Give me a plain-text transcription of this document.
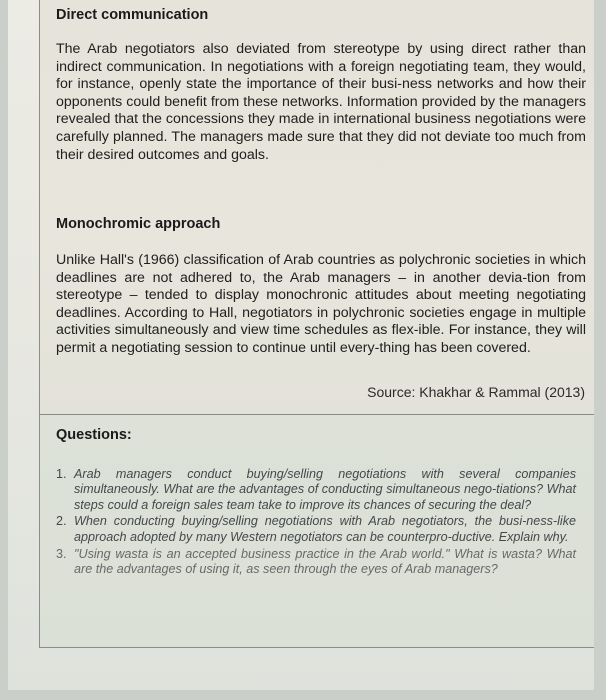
Direct communication

The Arab negotiators also deviated from stereotype by using direct rather than indirect communication. In negotiations with a foreign negotiating team, they would, for instance, openly state the importance of their busi-ness networks and how their opponents could benefit from these networks. Information provided by the managers revealed that the concessions they made in international business negotiations were carefully planned. The managers made sure that they did not deviate too much from their desired outcomes and goals.

Monochromic approach

Unlike Hall's (1966) classification of Arab countries as polychronic societies in which deadlines are not adhered to, the Arab managers – in another devia-tion from stereotype – tended to display monochronic attitudes about meeting negotiating deadlines. According to Hall, negotiators in polychronic societies engage in multiple activities simultaneously and view time schedules as flex-ible. For instance, they will permit a negotiating session to continue until every-thing has been covered.

Source: Khakhar & Rammal (2013)
Questions:
1. Arab managers conduct buying/selling negotiations with several companies simultaneously. What are the advantages of conducting simultaneous nego-tiations? What steps could a foreign sales team take to improve its chances of securing the deal?
2. When conducting buying/selling negotiations with Arab negotiators, the busi-ness-like approach adopted by many Western negotiators can be counterpro-ductive. Explain why.
3. "Using wasta is an accepted business practice in the Arab world." What is wasta? What are the advantages of using it, as seen through the eyes of Arab managers?
